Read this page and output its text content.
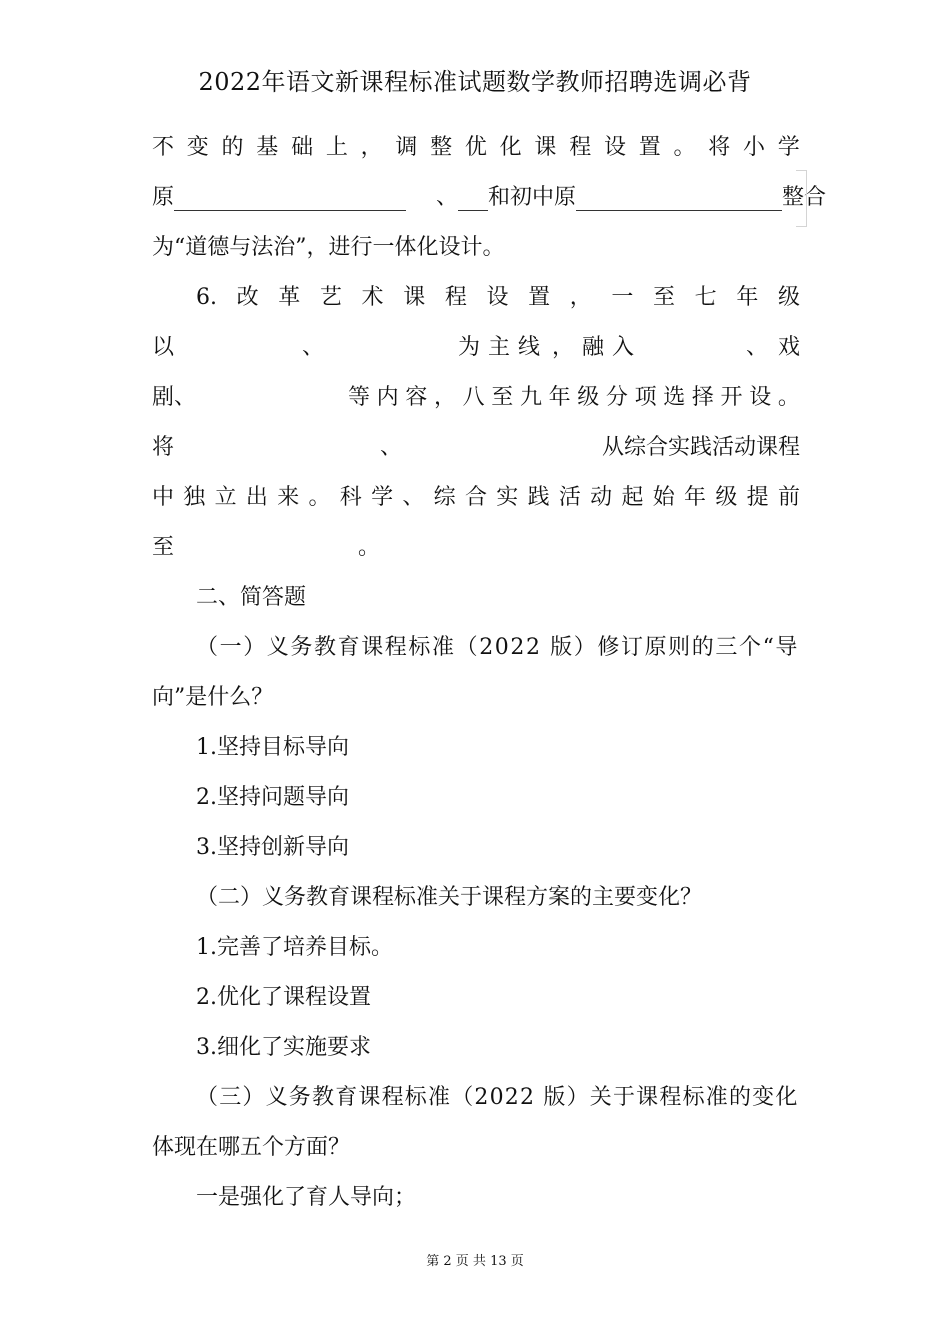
2022年语文新课程标准试题数学教师招聘选调必背
不 变 的 基 础 上 ， 调 整 优 化 课 程 设 置 。 将 小 学
原	、 和初中原	整合
为“道德与法治”，进行一体化设计。
6. 改 革 艺 术 课 程 设 置 ， 一 至 七 年 级
以	、	为 主 线 ， 融 入	、 戏
剧、	等 内 容 ， 八 至 九 年 级 分 项 选 择 开 设 。
将	、	从综合实践活动课程
中 独 立 出 来 。 科 学 、 综 合 实 践 活 动 起 始 年 级 提 前
至	。
二、简答题
（一）义务教育课程标准（2022 版）修订原则的三个“导
向”是什么？
1.坚持目标导向
2.坚持问题导向
3.坚持创新导向
（二）义务教育课程标准关于课程方案的主要变化？
1.完善了培养目标。
2.优化了课程设置
3.细化了实施要求
（三）义务教育课程标准（2022 版）关于课程标准的变化
体现在哪五个方面？
一是强化了育人导向；
第 2 页 共 13 页
